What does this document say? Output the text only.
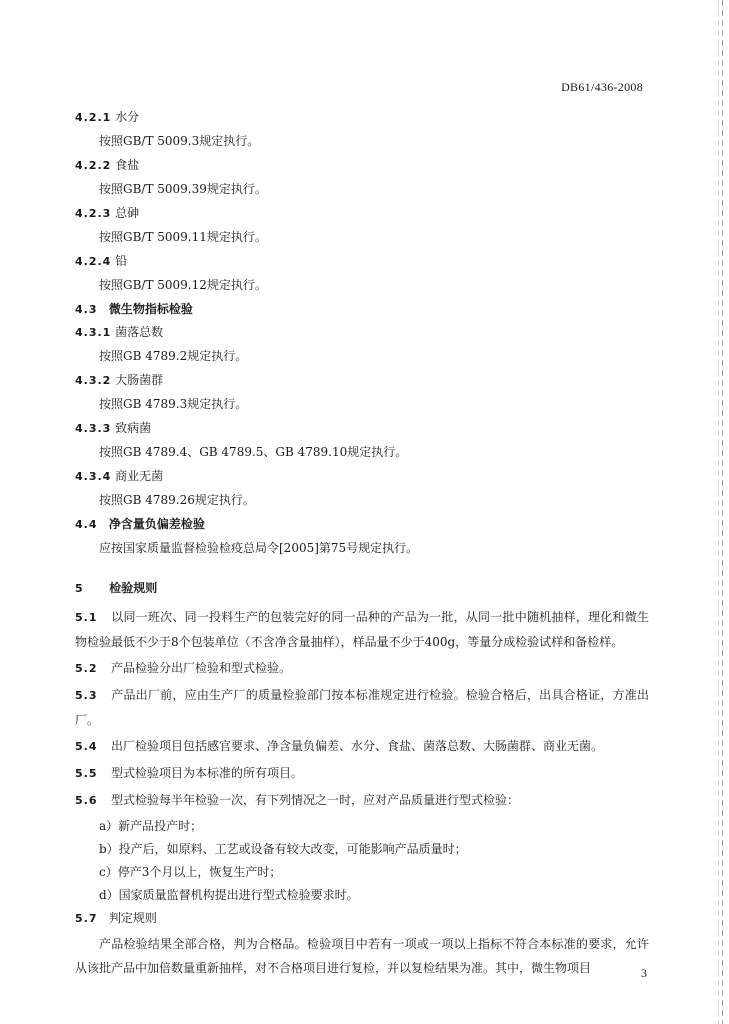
DB61/436-2008
4.2.1 水分
按照GB/T 5009.3规定执行。
4.2.2 食盐
按照GB/T 5009.39规定执行。
4.2.3 总砷
按照GB/T 5009.11规定执行。
4.2.4 铅
按照GB/T 5009.12规定执行。
4.3 微生物指标检验
4.3.1 菌落总数
按照GB 4789.2规定执行。
4.3.2 大肠菌群
按照GB 4789.3规定执行。
4.3.3 致病菌
按照GB 4789.4、GB 4789.5、GB 4789.10规定执行。
4.3.4 商业无菌
按照GB 4789.26规定执行。
4.4 净含量负偏差检验
应按国家质量监督检验检疫总局令[2005]第75号规定执行。
5 检验规则
5.1 以同一班次、同一投料生产的包装完好的同一品种的产品为一批，从同一批中随机抽样，理化和微生物检验最低不少于8个包装单位（不含净含量抽样），样品量不少于400g，等量分成检验试样和备检样。
5.2 产品检验分出厂检验和型式检验。
5.3 产品出厂前，应由生产厂的质量检验部门按本标准规定进行检验。检验合格后，出具合格证，方准出厂。
5.4 出厂检验项目包括感官要求、净含量负偏差、水分、食盐、菌落总数、大肠菌群、商业无菌。
5.5 型式检验项目为本标准的所有项目。
5.6 型式检验每半年检验一次，有下列情况之一时，应对产品质量进行型式检验：
a）新产品投产时；
b）投产后，如原料、工艺或设备有较大改变，可能影响产品质量时；
c）停产3个月以上，恢复生产时；
d）国家质量监督机构提出进行型式检验要求时。
5.7 判定规则
产品检验结果全部合格，判为合格品。检验项目中若有一项或一项以上指标不符合本标准的要求，允许从该批产品中加倍数量重新抽样，对不合格项目进行复检，并以复检结果为准。其中，微生物项目	3
